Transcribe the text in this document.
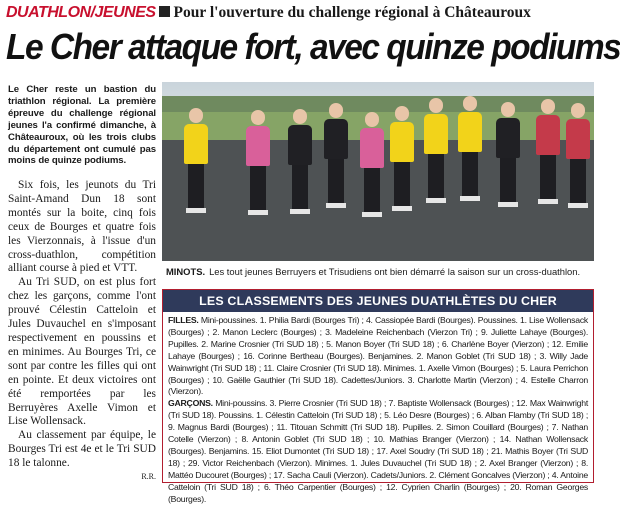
DUATHLON/JEUNES Pour l'ouverture du challenge régional à Châteauroux
Le Cher attaque fort, avec quinze podiums
Le Cher reste un bastion du triathlon régional. La première épreuve du challenge régional jeunes l'a confirmé dimanche, à Châteauroux, où les trois clubs du département ont cumulé pas moins de quinze podiums.

Six fois, les jeunots du Tri Saint-Amand Dun 18 sont montés sur la boite, cinq fois ceux de Bourges et quatre fois les Vierzonnais, à l'issue d'un cross-duathlon, compétition alliant course à pied et VTT.

Au Tri SUD, on est plus fort chez les garçons, comme l'ont prouvé Célestin Catteloin et Jules Duvauchel en s'imposant respectivement en poussins et en minimes. Au Bourges Tri, ce sont par contre les filles qui ont en pointe. Et deux victoires ont été remportées par les Berruyères Axelle Vimon et Lise Wollensack.

Au classement par équipe, le Bourges Tri est 4e et le Tri SUD 18 le talonne.

R.R.

MINOTS. Les tout jeunes Berruyers et Trisudiens ont bien démarré la saison sur un cross-duathlon.
LES CLASSEMENTS DES JEUNES DUATHLÈTES DU CHER
FILLES. Mini-poussines. 1. Philia Bardi (Bourges Tri) ; 4. Cassiopée Bardi (Bourges). Poussines. 1. Lise Wollensack (Bourges) ; 2. Manon Leclerc (Bourges) ; 3. Madeleine Reichenbach (Vierzon Tri) ; 9. Juliette Lahaye (Bourges). Pupilles. 2. Marine Crosnier (Tri SUD 18) ; 5. Manon Boyer (Tri SUD 18) ; 6. Charlène Boyer (Vierzon) ; 12. Emilie Lahaye (Bourges) ; 16. Corinne Bertheau (Bourges). Benjamines. 2. Manon Goblet (Tri SUD 18) ; 3. Willy Jade Wainwright (Tri SUD 18) ; 11. Claire Crosnier (Tri SUD 18). Minimes. 1. Axelle Vimon (Bourges) ; 5. Laura Perrichon (Bourges) ; 10. Gaëlle Gauthier (Tri SUD 18). Cadettes/Juniors. 3. Charlotte Martin (Vierzon) ; 4. Estelle Charron (Vierzon).
GARÇONS. Mini-poussins. 3. Pierre Crosnier (Tri SUD 18) ; 7. Baptiste Wollensack (Bourges) ; 12. Max Wainwright (Tri SUD 18). Poussins. 1. Célestin Catteloin (Tri SUD 18) ; 5. Léo Desre (Bourges) ; 6. Alban Flamby (Tri SUD 18) ; 9. Magnus Bardi (Bourges) ; 11. Titouan Schmitt (Tri SUD 18). Pupilles. 2. Simon Couillard (Bourges) ; 7. Nathan Cotelle (Vierzon) ; 8. Antonin Goblet (Tri SUD 18) ; 10. Mathias Branger (Vierzon) ; 14. Nathan Wollensack (Bourges). Benjamins. 15. Eliot Dumontet (Tri SUD 18) ; 17. Axel Soudry (Tri SUD 18) ; 21. Mathis Boyer (Tri SUD 18) ; 29. Victor Reichenbach (Vierzon). Minimes. 1. Jules Duvauchel (Tri SUD 18) ; 2. Axel Branger (Vierzon) ; 8. Mattéo Ducouret (Bourges) ; 17. Sacha Cauli (Vierzon). Cadets/Juniors. 2. Clément Goncalves (Vierzon) ; 4. Antoine Catteloin (Tri SUD 18) ; 6. Théo Carpentier (Bourges) ; 12. Cyprien Charlin (Bourges) ; 20. Roman Georges (Bourges).
